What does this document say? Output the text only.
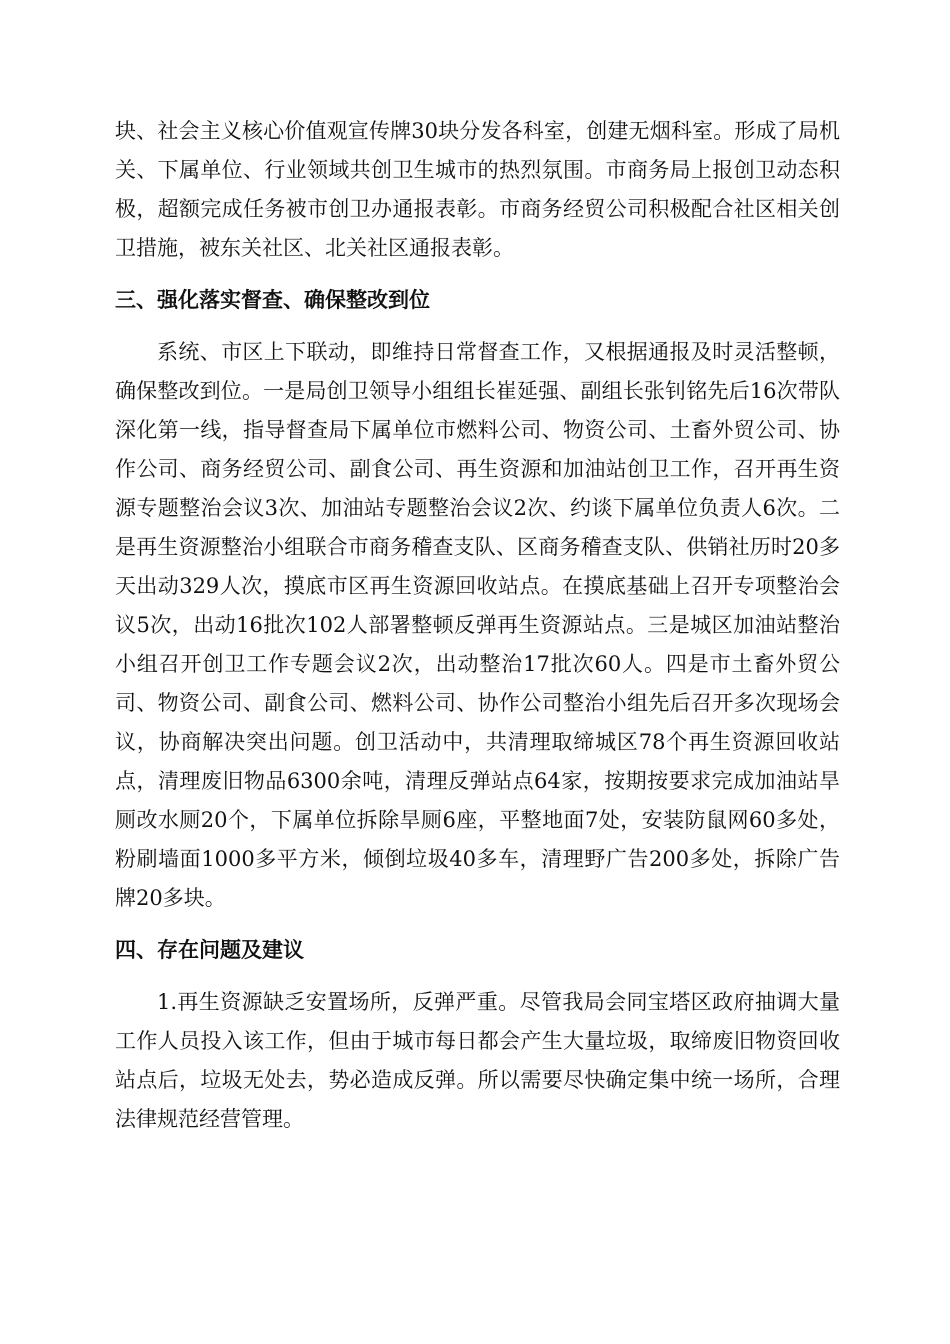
块、社会主义核心价值观宣传牌30块分发各科室，创建无烟科室。形成了局机关、下属单位、行业领域共创卫生城市的热烈氛围。市商务局上报创卫动态积极，超额完成任务被市创卫办通报表彰。市商务经贸公司积极配合社区相关创卫措施，被东关社区、北关社区通报表彰。

三、强化落实督查、确保整改到位

系统、市区上下联动，即维持日常督查工作，又根据通报及时灵活整顿，确保整改到位。一是局创卫领导小组组长崔延强、副组长张钊铭先后16次带队深化第一线，指导督查局下属单位市燃料公司、物资公司、土畜外贸公司、协作公司、商务经贸公司、副食公司、再生资源和加油站创卫工作，召开再生资源专题整治会议3次、加油站专题整治会议2次、约谈下属单位负责人6次。二是再生资源整治小组联合市商务稽查支队、区商务稽查支队、供销社历时20多天出动329人次，摸底市区再生资源回收站点。在摸底基础上召开专项整治会议5次，出动16批次102人部署整顿反弹再生资源站点。三是城区加油站整治小组召开创卫工作专题会议2次，出动整治17批次60人。四是市土畜外贸公司、物资公司、副食公司、燃料公司、协作公司整治小组先后召开多次现场会议，协商解决突出问题。创卫活动中，共清理取缔城区78个再生资源回收站点，清理废旧物品6300余吨，清理反弹站点64家，按期按要求完成加油站旱厕改水厕20个，下属单位拆除旱厕6座，平整地面7处，安装防鼠网60多处，粉刷墙面1000多平方米，倾倒垃圾40多车，清理野广告200多处，拆除广告牌20多块。

四、存在问题及建议

1.再生资源缺乏安置场所，反弹严重。尽管我局会同宝塔区政府抽调大量工作人员投入该工作，但由于城市每日都会产生大量垃圾，取缔废旧物资回收站点后，垃圾无处去，势必造成反弹。所以需要尽快确定集中统一场所，合理法律规范经营管理。
